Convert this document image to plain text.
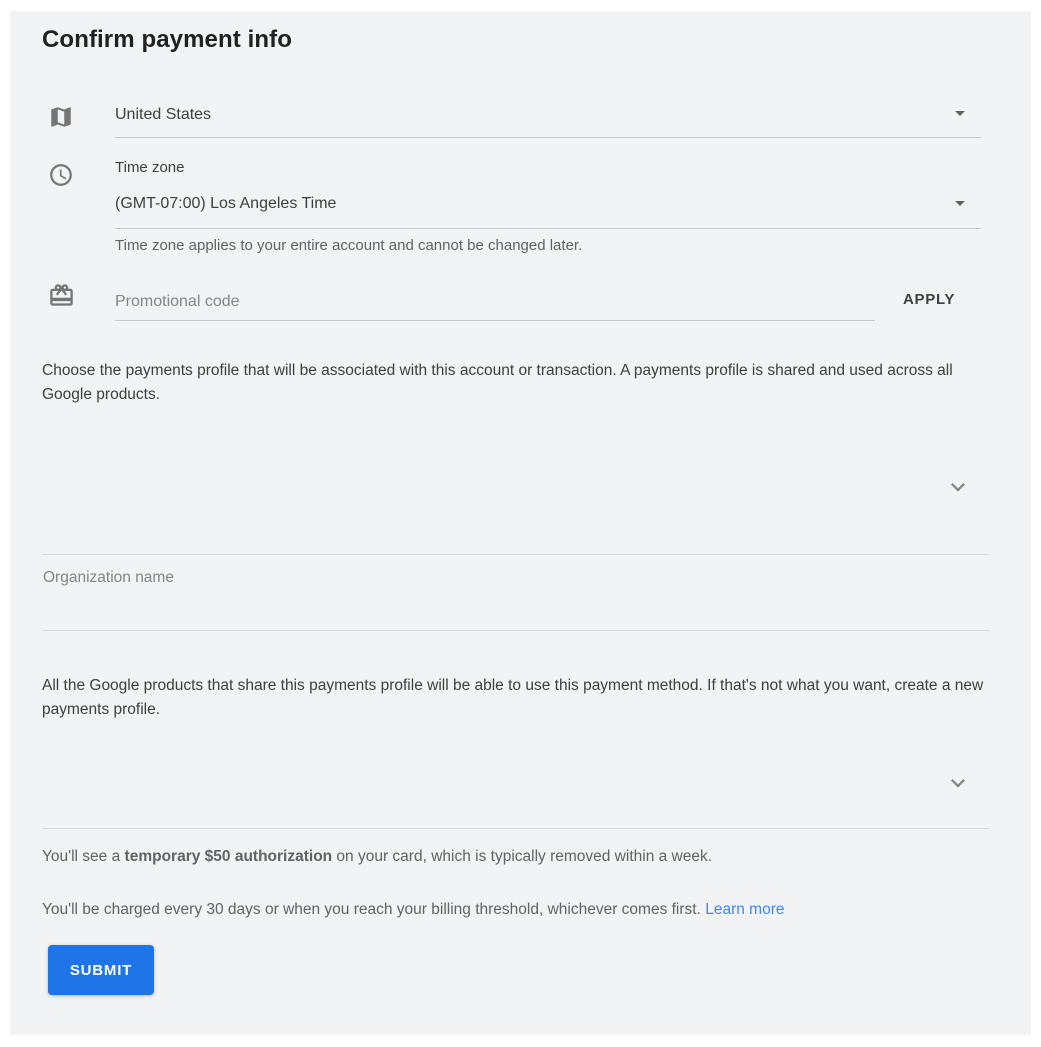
Confirm payment info
United States
Time zone
(GMT-07:00) Los Angeles Time
Time zone applies to your entire account and cannot be changed later.
Promotional code
APPLY
Choose the payments profile that will be associated with this account or transaction. A payments profile is shared and used across all Google products.
Organization name
All the Google products that share this payments profile will be able to use this payment method. If that's not what you want, create a new payments profile.
You'll see a temporary $50 authorization on your card, which is typically removed within a week.
You'll be charged every 30 days or when you reach your billing threshold, whichever comes first. Learn more
SUBMIT
